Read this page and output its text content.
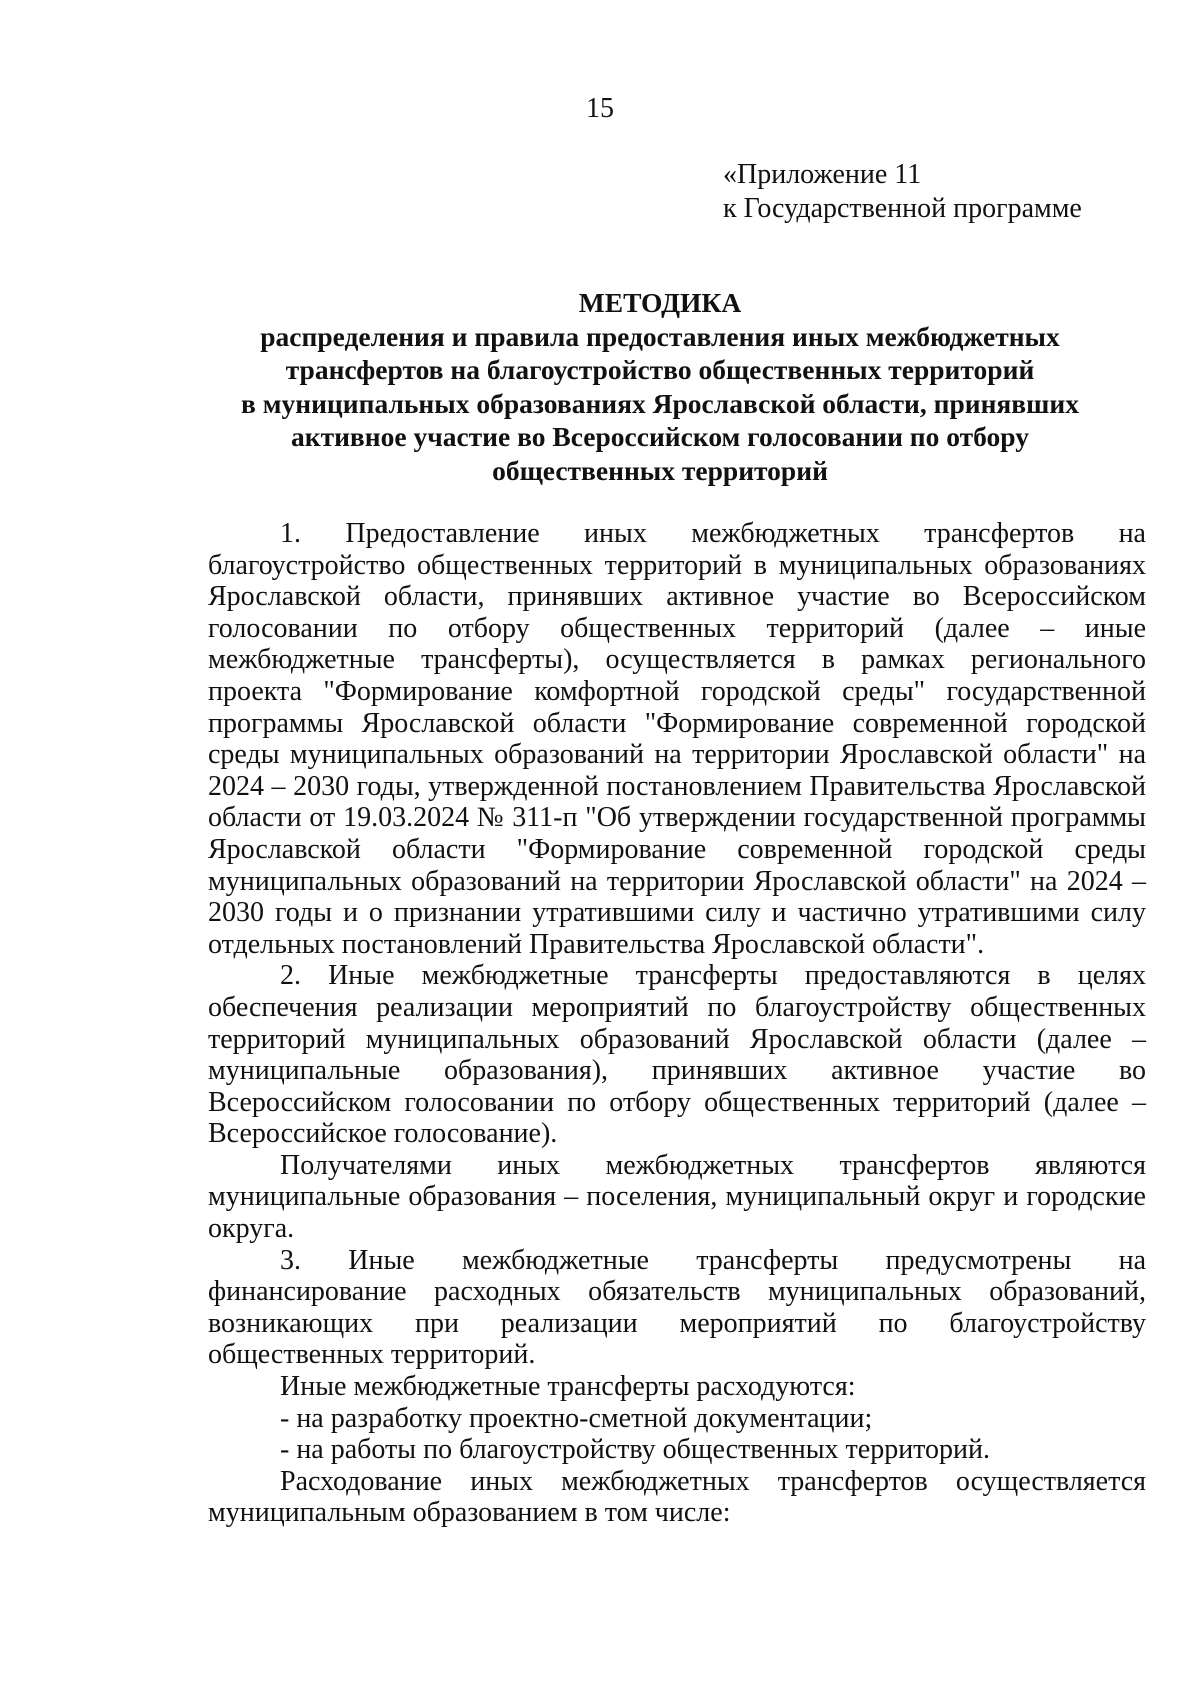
15
«Приложение 11
к Государственной программе
МЕТОДИКА
распределения и правила предоставления иных межбюджетных
трансфертов на благоустройство общественных территорий
в муниципальных образованиях Ярославской области, принявших
активное участие во Всероссийском голосовании по отбору
общественных территорий

1. Предоставление иных межбюджетных трансфертов на благоустройство общественных территорий в муниципальных образованиях Ярославской области, принявших активное участие во Всероссийском голосовании по отбору общественных территорий (далее – иные межбюджетные трансферты), осуществляется в рамках регионального проекта "Формирование комфортной городской среды" государственной программы Ярославской области "Формирование современной городской среды муниципальных образований на территории Ярославской области" на 2024 – 2030 годы, утвержденной постановлением Правительства Ярославской области от 19.03.2024 № 311-п "Об утверждении государственной программы Ярославской области "Формирование современной городской среды муниципальных образований на территории Ярославской области" на 2024 – 2030 годы и о признании утратившими силу и частично утратившими силу отдельных постановлений Правительства Ярославской области".

2. Иные межбюджетные трансферты предоставляются в целях обеспечения реализации мероприятий по благоустройству общественных территорий муниципальных образований Ярославской области (далее – муниципальные образования), принявших активное участие во Всероссийском голосовании по отбору общественных территорий (далее – Всероссийское голосование).

Получателями иных межбюджетных трансфертов являются муниципальные образования – поселения, муниципальный округ и городские округа.

3. Иные межбюджетные трансферты предусмотрены на финансирование расходных обязательств муниципальных образований, возникающих при реализации мероприятий по благоустройству общественных территорий.

Иные межбюджетные трансферты расходуются:

- на разработку проектно-сметной документации;

- на работы по благоустройству общественных территорий.

Расходование иных межбюджетных трансфертов осуществляется муниципальным образованием в том числе:
